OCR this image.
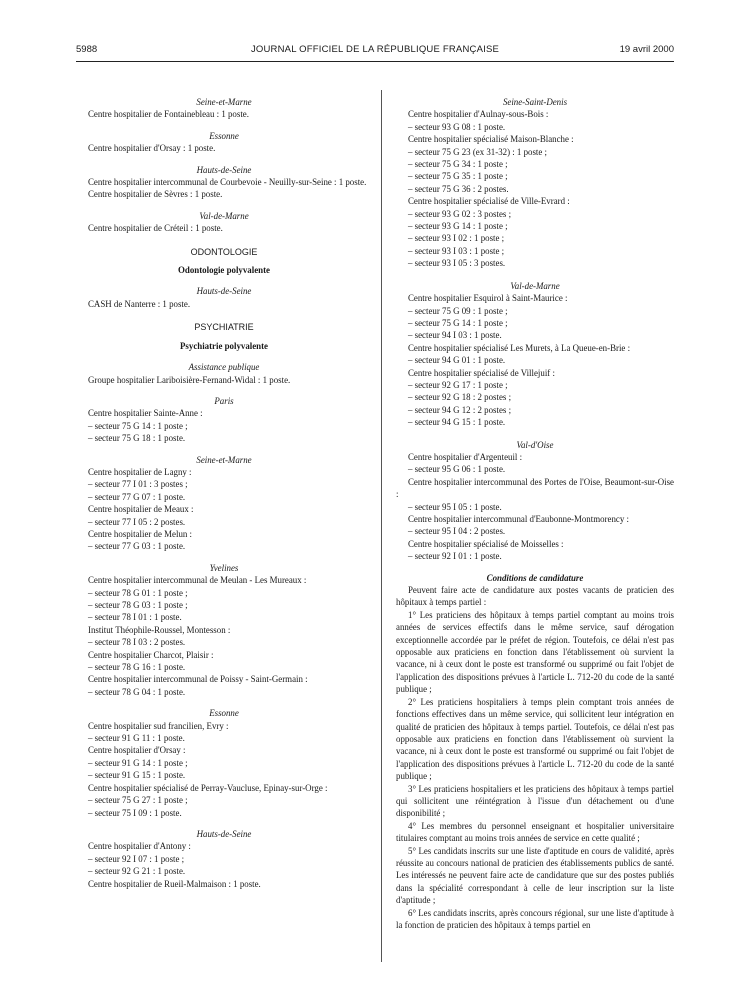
5988	JOURNAL OFFICIEL DE LA RÉPUBLIQUE FRANÇAISE	19 avril 2000
Seine-et-Marne
Centre hospitalier de Fontainebleau : 1 poste.
Essonne
Centre hospitalier d'Orsay : 1 poste.
Hauts-de-Seine
Centre hospitalier intercommunal de Courbevoie - Neuilly-sur-Seine : 1 poste.
Centre hospitalier de Sèvres : 1 poste.
Val-de-Marne
Centre hospitalier de Créteil : 1 poste.
ODONTOLOGIE
Odontologie polyvalente
Hauts-de-Seine
CASH de Nanterre : 1 poste.
PSYCHIATRIE
Psychiatrie polyvalente
Assistance publique
Groupe hospitalier Lariboisière-Fernand-Widal : 1 poste.
Paris
Centre hospitalier Sainte-Anne :
– secteur 75 G 14 : 1 poste ;
– secteur 75 G 18 : 1 poste.
Seine-et-Marne
Centre hospitalier de Lagny :
– secteur 77 I 01 : 3 postes ;
– secteur 77 G 07 : 1 poste.
Centre hospitalier de Meaux :
– secteur 77 I 05 : 2 postes.
Centre hospitalier de Melun :
– secteur 77 G 03 : 1 poste.
Yvelines
Centre hospitalier intercommunal de Meulan - Les Mureaux :
– secteur 78 G 01 : 1 poste ;
– secteur 78 G 03 : 1 poste ;
– secteur 78 I 01 : 1 poste.
Institut Théophile-Roussel, Montesson :
– secteur 78 I 03 : 2 postes.
Centre hospitalier Charcot, Plaisir :
– secteur 78 G 16 : 1 poste.
Centre hospitalier intercommunal de Poissy - Saint-Germain :
– secteur 78 G 04 : 1 poste.
Essonne
Centre hospitalier sud francilien, Evry :
– secteur 91 G 11 : 1 poste.
Centre hospitalier d'Orsay :
– secteur 91 G 14 : 1 poste ;
– secteur 91 G 15 : 1 poste.
Centre hospitalier spécialisé de Perray-Vaucluse, Epinay-sur-Orge :
– secteur 75 G 27 : 1 poste ;
– secteur 75 I 09 : 1 poste.
Hauts-de-Seine
Centre hospitalier d'Antony :
– secteur 92 I 07 : 1 poste ;
– secteur 92 G 21 : 1 poste.
Centre hospitalier de Rueil-Malmaison : 1 poste.
Seine-Saint-Denis
Centre hospitalier d'Aulnay-sous-Bois :
– secteur 93 G 08 : 1 poste.
Centre hospitalier spécialisé Maison-Blanche :
– secteur 75 G 23 (ex 31-32) : 1 poste ;
– secteur 75 G 34 : 1 poste ;
– secteur 75 G 35 : 1 poste ;
– secteur 75 G 36 : 2 postes.
Centre hospitalier spécialisé de Ville-Evrard :
– secteur 93 G 02 : 3 postes ;
– secteur 93 G 14 : 1 poste ;
– secteur 93 I 02 : 1 poste ;
– secteur 93 I 03 : 1 poste ;
– secteur 93 I 05 : 3 postes.
Val-de-Marne
Centre hospitalier Esquirol à Saint-Maurice :
– secteur 75 G 09 : 1 poste ;
– secteur 75 G 14 : 1 poste ;
– secteur 94 I 03 : 1 poste.
Centre hospitalier spécialisé Les Murets, à La Queue-en-Brie :
– secteur 94 G 01 : 1 poste.
Centre hospitalier spécialisé de Villejuif :
– secteur 92 G 17 : 1 poste ;
– secteur 92 G 18 : 2 postes ;
– secteur 94 G 12 : 2 postes ;
– secteur 94 G 15 : 1 poste.
Val-d'Oise
Centre hospitalier d'Argenteuil :
– secteur 95 G 06 : 1 poste.
Centre hospitalier intercommunal des Portes de l'Oise, Beaumont-sur-Oise :
– secteur 95 I 05 : 1 poste.
Centre hospitalier intercommunal d'Eaubonne-Montmorency :
– secteur 95 I 04 : 2 postes.
Centre hospitalier spécialisé de Moisselles :
– secteur 92 I 01 : 1 poste.
Conditions de candidature
Peuvent faire acte de candidature aux postes vacants de praticien des hôpitaux à temps partiel :
1° Les praticiens des hôpitaux à temps partiel comptant au moins trois années de services effectifs dans le même service, sauf dérogation exceptionnelle accordée par le préfet de région. Toutefois, ce délai n'est pas opposable aux praticiens en fonction dans l'établissement où survient la vacance, ni à ceux dont le poste est transformé ou supprimé ou fait l'objet de l'application des dispositions prévues à l'article L. 712-20 du code de la santé publique ;
2° Les praticiens hospitaliers à temps plein comptant trois années de fonctions effectives dans un même service, qui sollicitent leur intégration en qualité de praticien des hôpitaux à temps partiel. Toutefois, ce délai n'est pas opposable aux praticiens en fonction dans l'établissement où survient la vacance, ni à ceux dont le poste est transformé ou supprimé ou fait l'objet de l'application des dispositions prévues à l'article L. 712-20 du code de la santé publique ;
3° Les praticiens hospitaliers et les praticiens des hôpitaux à temps partiel qui sollicitent une réintégration à l'issue d'un détachement ou d'une disponibilité ;
4° Les membres du personnel enseignant et hospitalier universitaire titulaires comptant au moins trois années de service en cette qualité ;
5° Les candidats inscrits sur une liste d'aptitude en cours de validité, après réussite au concours national de praticien des établissements publics de santé. Les intéressés ne peuvent faire acte de candidature que sur des postes publiés dans la spécialité correspondant à celle de leur inscription sur la liste d'aptitude ;
6° Les candidats inscrits, après concours régional, sur une liste d'aptitude à la fonction de praticien des hôpitaux à temps partiel en
